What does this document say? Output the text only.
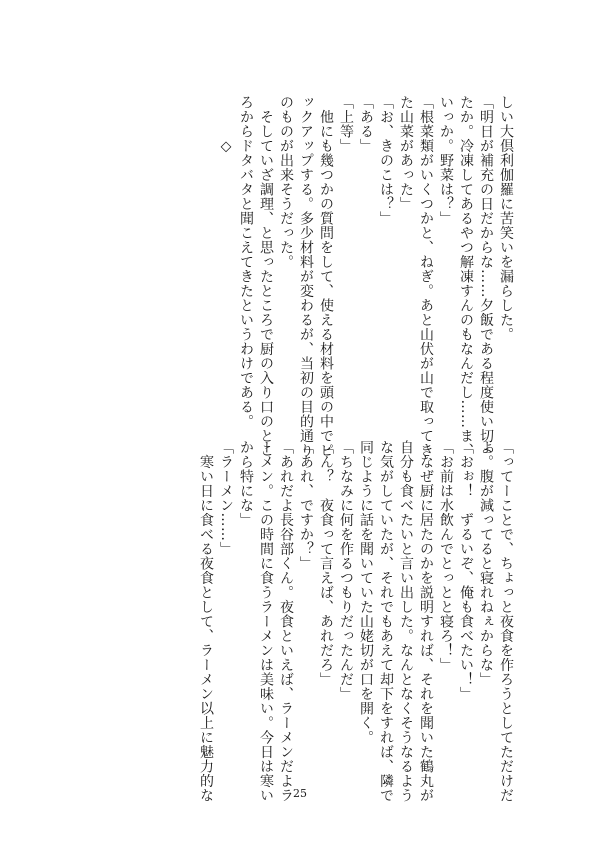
しい大倶利伽羅に苦笑いを漏らした。

「明日が補充の日だからな……夕飯である程度使い切っ

たか。冷凍してあるやつ解凍すんのもなんだし……ま、

いっか。野菜は？」

「根菜類がいくつかと、ねぎ。あと山伏が山で取ってき

た山菜があった」

「お、きのこは？」

「ある」

「上等」

　他にも幾つかの質問をして、使える材料を頭の中でピ

ックアップする。多少材料が変わるが、当初の目的通り

のものが出来そうだった。

　そしていざ調理、と思ったところで厨の入り口のとこ

ろからドタバタと聞こえてきたというわけである。

　　　◇

「ってーことで、ちょっと夜食を作ろうとしてただけだ

よ。腹が減ってると寝れねぇからな」

「おぉ！　ずるいぞ、俺も食べたい！」

「お前は水飲んでとっとと寝ろ！」

　なぜ厨に居たのかを説明すれば、それを聞いた鶴丸が

自分も食べたいと言い出した。なんとなくそうなるよう

な気がしていたが、それでもあえて却下をすれば、隣で

同じように話を聞いていた山姥切が口を開く。

「ちなみに何を作るつもりだったんだ」

「ん？　夜食って言えば、あれだろ」

「あれ、ですか？」

「あれだよ長谷部くん。夜食といえば、ラーメンだよラ

ーメン。この時間に食うラーメンは美味い。今日は寒い

から特にな」

「ラーメン……」

　寒い日に食べる夜食として、ラーメン以上に魅力的な	25
